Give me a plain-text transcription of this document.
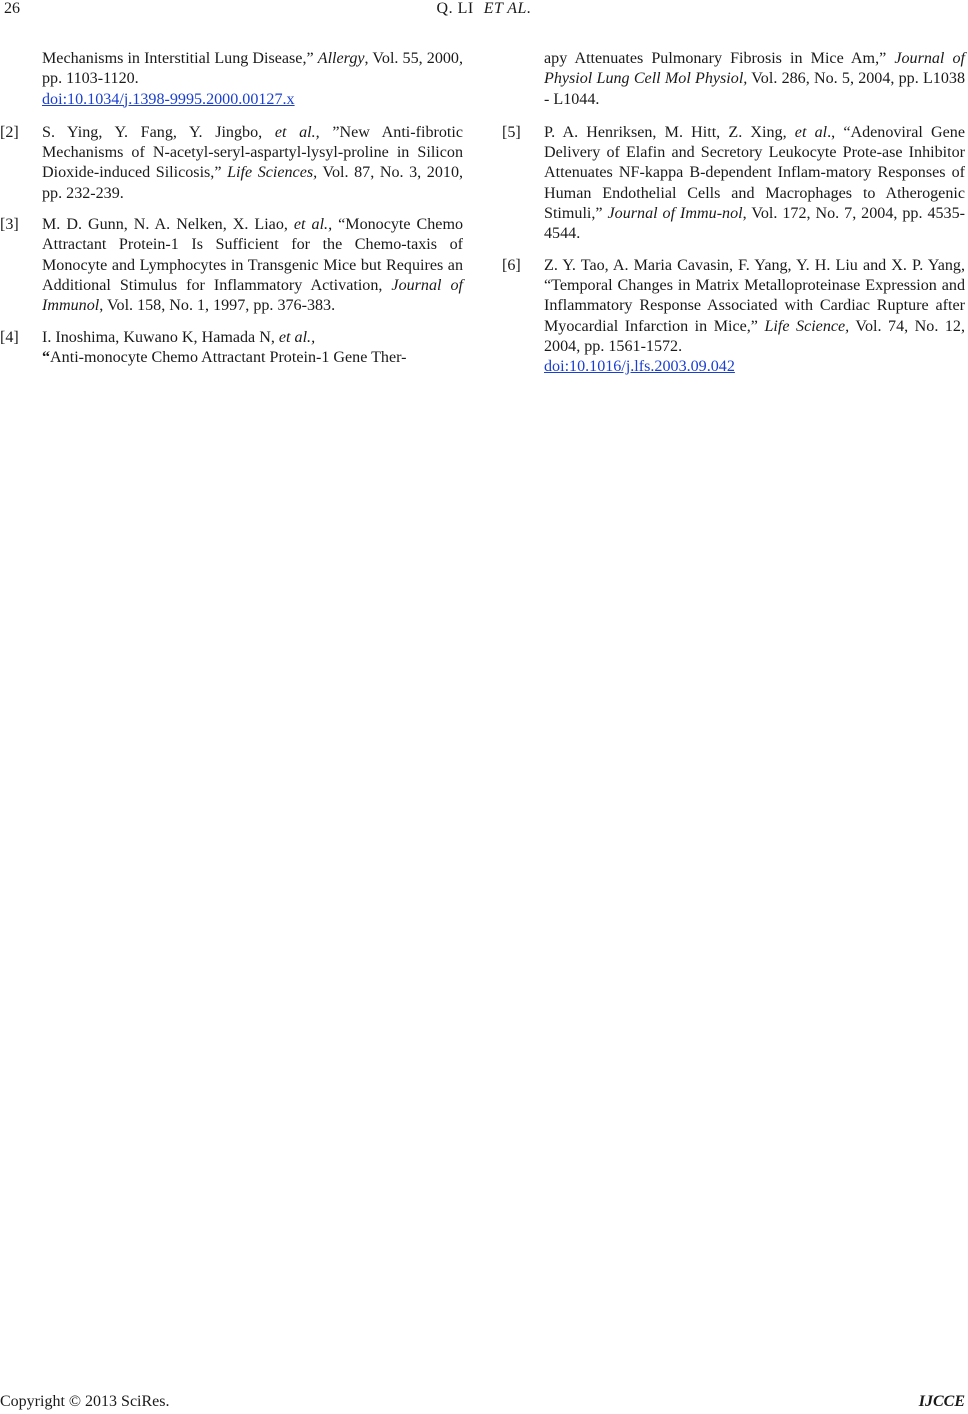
26	Q. LI ET AL.
Mechanisms in Interstitial Lung Disease,” Allergy, Vol. 55, 2000, pp. 1103-1120.
doi:10.1034/j.1398-9995.2000.00127.x
[2] S. Ying, Y. Fang, Y. Jingbo, et al., ”New Anti-fibrotic Mechanisms of N-acetyl-seryl-aspartyl-lysyl-proline in Silicon Dioxide-induced Silicosis,” Life Sciences, Vol. 87, No. 3, 2010, pp. 232-239.
[3] M. D. Gunn, N. A. Nelken, X. Liao, et al., “Monocyte Chemo Attractant Protein-1 Is Sufficient for the Chemo-taxis of Monocyte and Lymphocytes in Transgenic Mice but Requires an Additional Stimulus for Inflammatory Activation, Journal of Immunol, Vol. 158, No. 1, 1997, pp. 376-383.
[4] I. Inoshima, Kuwano K, Hamada N, et al.,
“Anti-monocyte Chemo Attractant Protein-1 Gene Ther-
apy Attenuates Pulmonary Fibrosis in Mice Am,” Journal of Physiol Lung Cell Mol Physiol, Vol. 286, No. 5, 2004, pp. L1038 - L1044.
[5] P. A. Henriksen, M. Hitt, Z. Xing, et al., “Adenoviral Gene Delivery of Elafin and Secretory Leukocyte Prote-ase Inhibitor Attenuates NF-kappa B-dependent Inflam-matory Responses of Human Endothelial Cells and Macrophages to Atherogenic Stimuli,” Journal of Immu-nol, Vol. 172, No. 7, 2004, pp. 4535-4544.
[6] Z. Y. Tao, A. Maria Cavasin, F. Yang, Y. H. Liu and X. P. Yang, “Temporal Changes in Matrix Metalloproteinase Expression and Inflammatory Response Associated with Cardiac Rupture after Myocardial Infarction in Mice,” Life Science, Vol. 74, No. 12, 2004, pp. 1561-1572.
doi:10.1016/j.lfs.2003.09.042
Copyright © 2013 SciRes.	IJCCE
